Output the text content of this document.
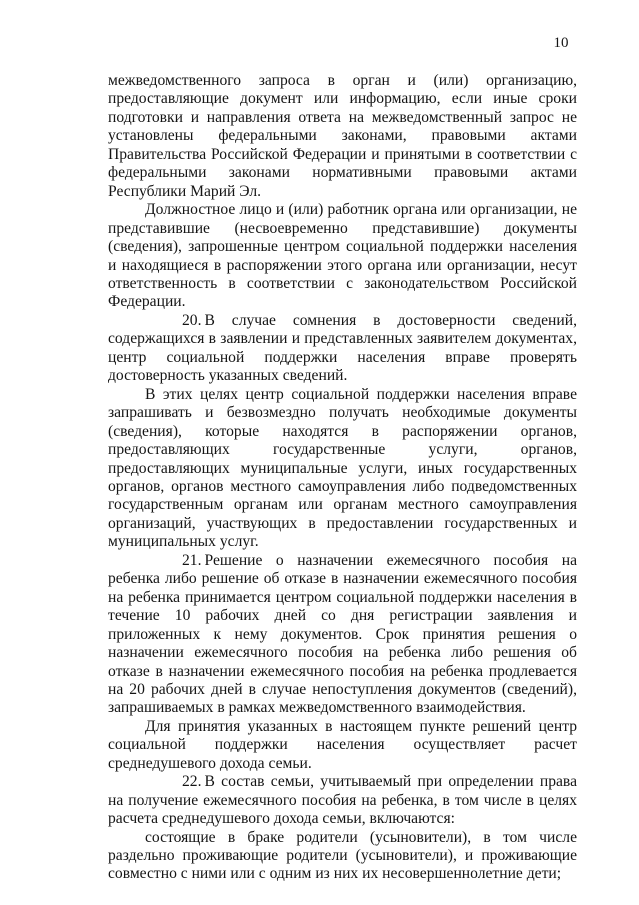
10

межведомственного запроса в орган и (или) организацию, предоставляющие документ или информацию, если иные сроки подготовки и направления ответа на межведомственный запрос не установлены федеральными законами, правовыми актами Правительства Российской Федерации и принятыми в соответствии с федеральными законами нормативными правовыми актами Республики Марий Эл.

Должностное лицо и (или) работник органа или организации, не представившие (несвоевременно представившие) документы (сведения), запрошенные центром социальной поддержки населения и находящиеся в распоряжении этого органа или организации, несут ответственность в соответствии с законодательством Российской Федерации.

20. В случае сомнения в достоверности сведений, содержащихся в заявлении и представленных заявителем документах, центр социальной поддержки населения вправе проверять достоверность указанных сведений.

В этих целях центр социальной поддержки населения вправе запрашивать и безвозмездно получать необходимые документы (сведения), которые находятся в распоряжении органов, предоставляющих государственные услуги, органов, предоставляющих муниципальные услуги, иных государственных органов, органов местного самоуправления либо подведомственных государственным органам или органам местного самоуправления организаций, участвующих в предоставлении государственных и муниципальных услуг.

21. Решение о назначении ежемесячного пособия на ребенка либо решение об отказе в назначении ежемесячного пособия на ребенка принимается центром социальной поддержки населения в течение 10 рабочих дней со дня регистрации заявления и приложенных к нему документов. Срок принятия решения о назначении ежемесячного пособия на ребенка либо решения об отказе в назначении ежемесячного пособия на ребенка продлевается на 20 рабочих дней в случае непоступления документов (сведений), запрашиваемых в рамках межведомственного взаимодействия.

Для принятия указанных в настоящем пункте решений центр социальной поддержки населения осуществляет расчет среднедушевого дохода семьи.

22. В состав семьи, учитываемый при определении права на получение ежемесячного пособия на ребенка, в том числе в целях расчета среднедушевого дохода семьи, включаются:

состоящие в браке родители (усыновители), в том числе раздельно проживающие родители (усыновители), и проживающие совместно с ними или с одним из них их несовершеннолетние дети;
